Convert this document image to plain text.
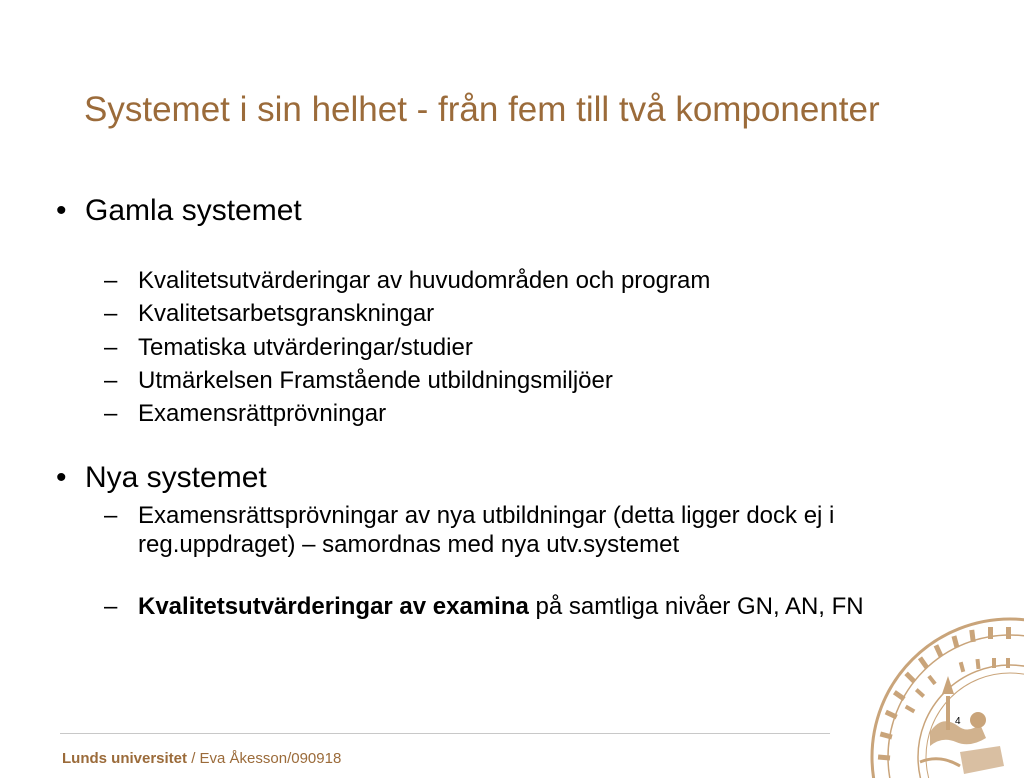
Systemet i sin helhet - från fem till två komponenter
• Gamla systemet
– Kvalitetsutvärderingar av huvudområden och program
– Kvalitetsarbetsgranskningar
– Tematiska utvärderingar/studier
– Utmärkelsen Framstående utbildningsmiljöer
– Examensrättprövningar
• Nya systemet
– Examensrättsprövningar av nya utbildningar (detta ligger dock ej i reg.uppdraget) – samordnas med nya utv.systemet
– Kvalitetsutvärderingar av examina på samtliga nivåer GN, AN, FN
Lunds universitet / Eva Åkesson/090918
4
